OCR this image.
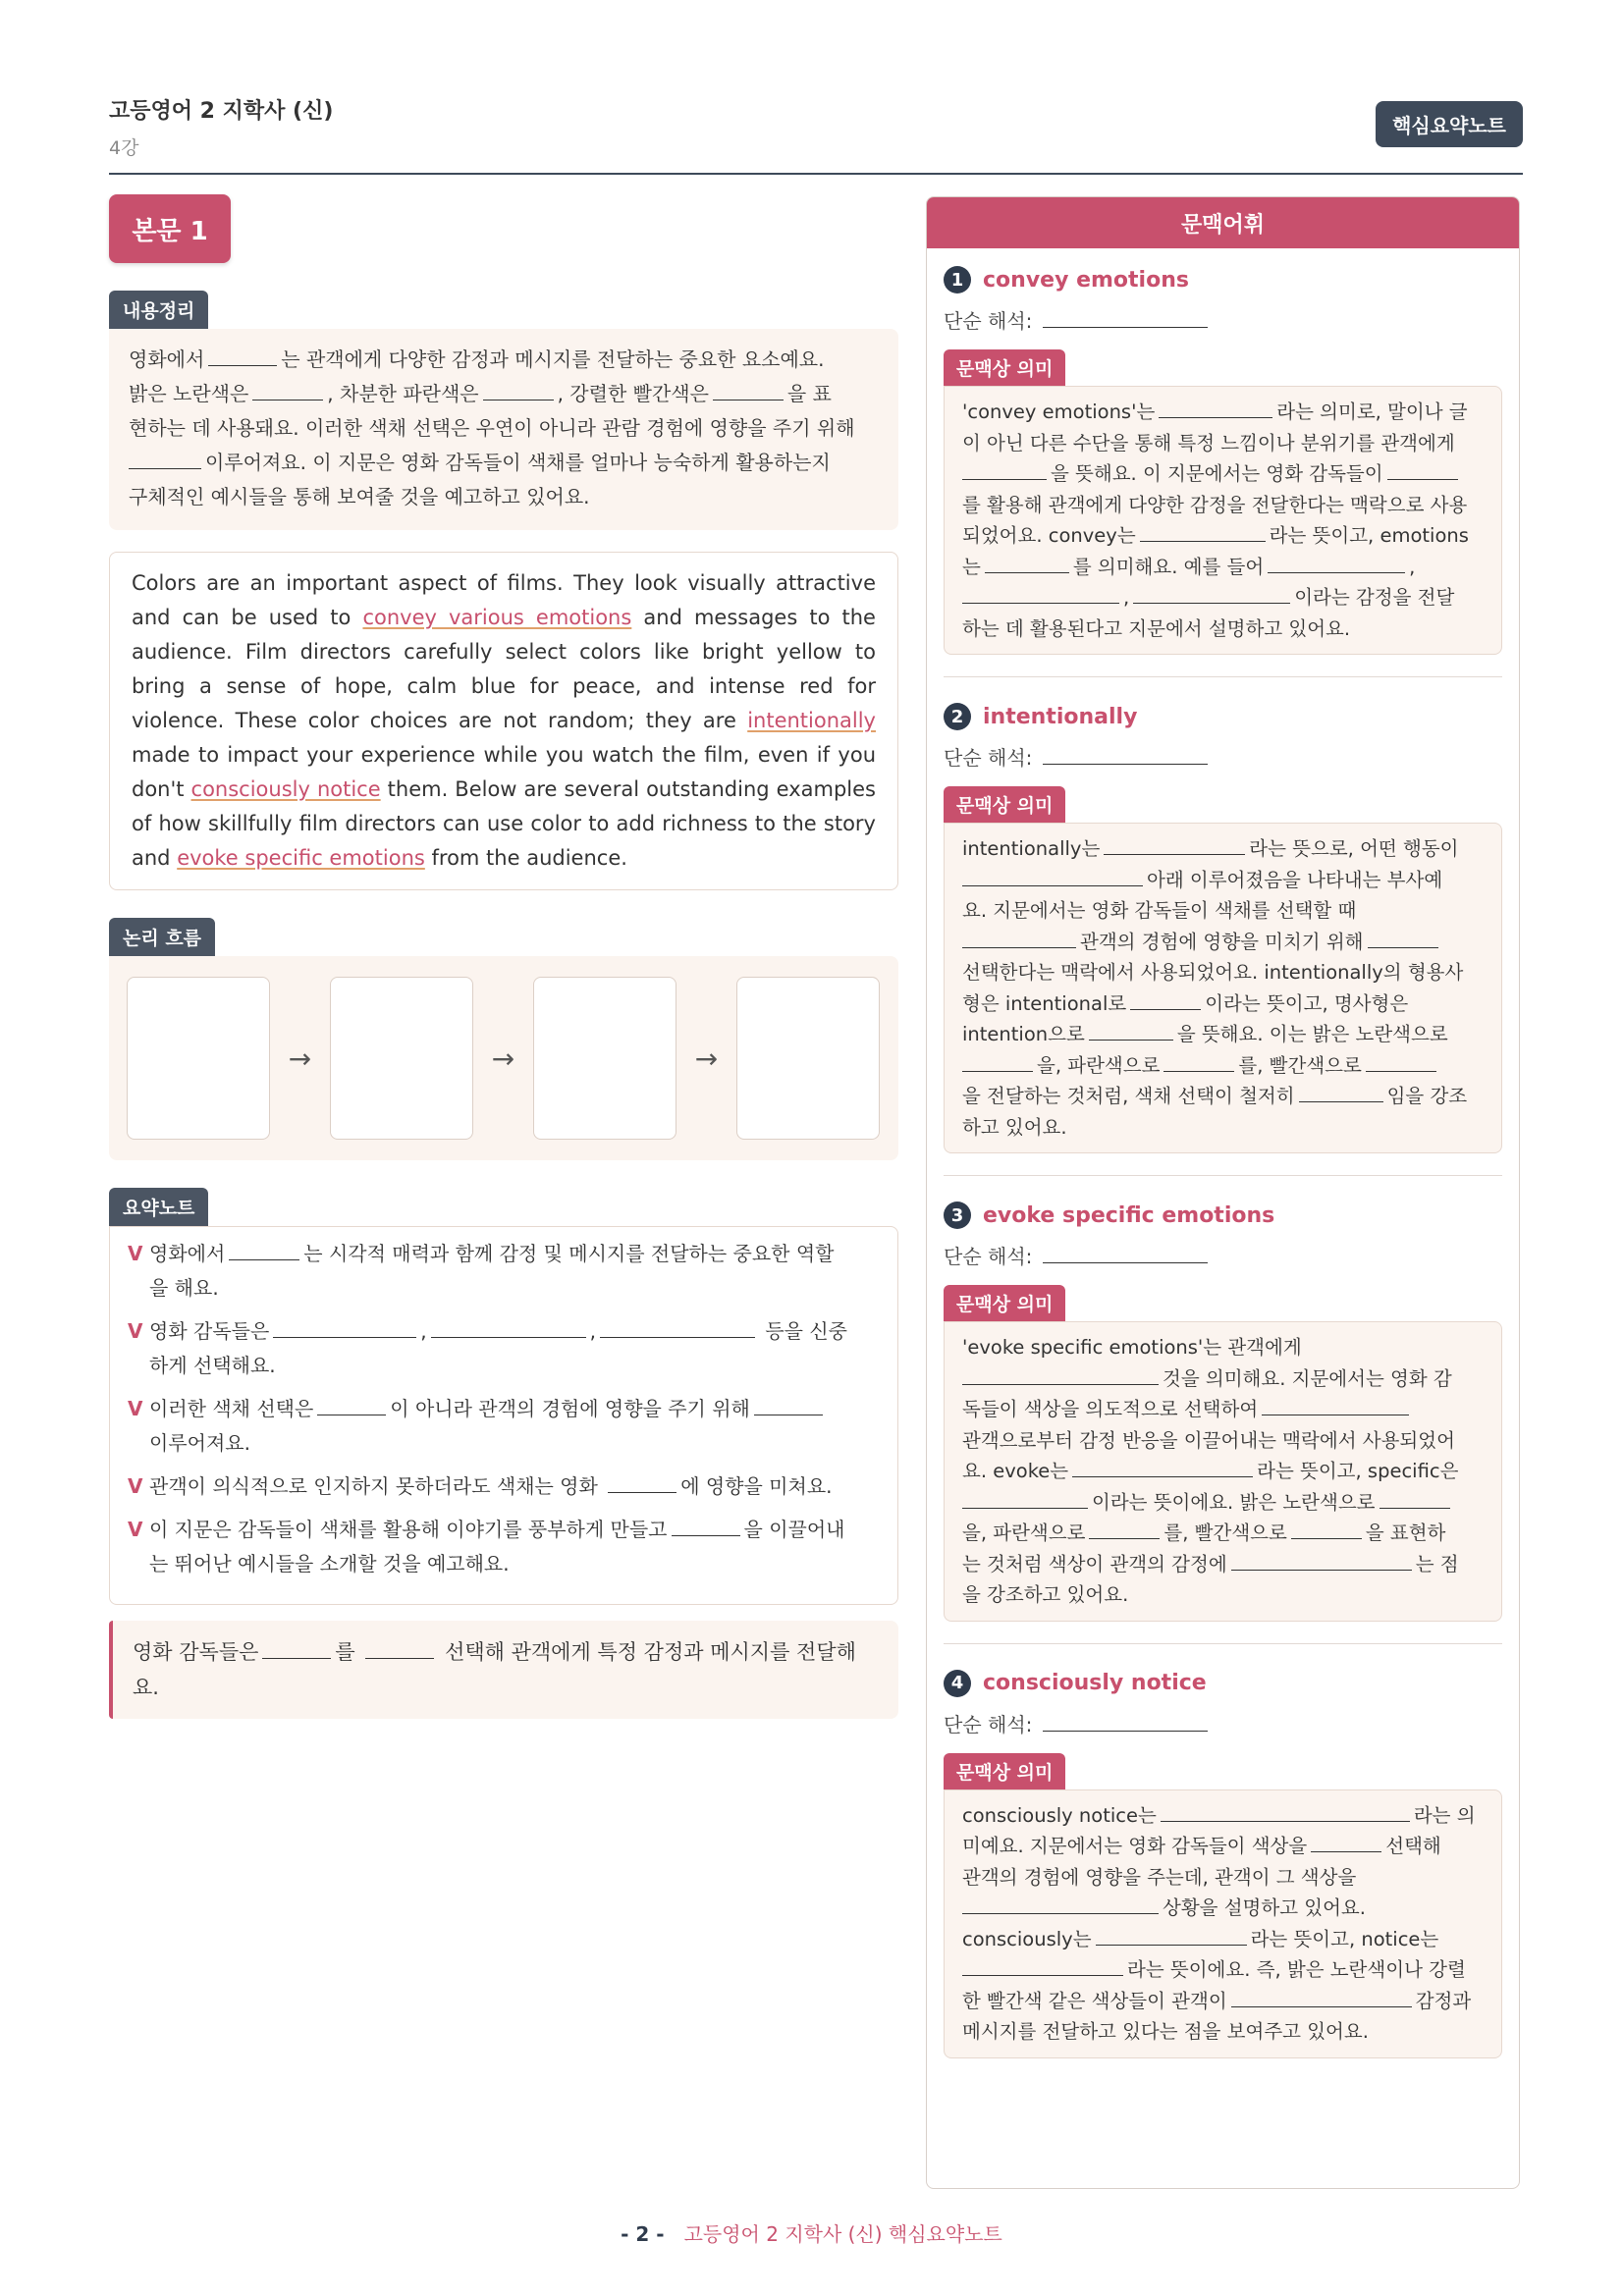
고등영어 2 지학사 (신)
4강
핵심요약노트
본문 1
내용정리
영화에서	는 관객에게 다양한 감정과 메시지를 전달하는 중요한 요소예요.
밝은 노란색은	, 차분한 파란색은	, 강렬한 빨간색은	을 표
현하는 데 사용돼요. 이러한 색채 선택은 우연이 아니라 관람 경험에 영향을 주기 위해
이루어져요. 이 지문은 영화 감독들이 색채를 얼마나 능숙하게 활용하는지
구체적인 예시들을 통해 보여줄 것을 예고하고 있어요.
Colors are an important aspect of films. They look visually attractive and can be used to convey various emotions and messages to the audience. Film directors carefully select colors like bright yellow to bring a sense of hope, calm blue for peace, and intense red for violence. These color choices are not random; they are intentionally made to impact your experience while you watch the film, even if you don't consciously notice them. Below are several outstanding examples of how skillfully film directors can use color to add richness to the story and evoke specific emotions from the audience.
논리 흐름
→	→	→
요약노트
V 영화에서	는 시각적 매력과 함께 감정 및 메시지를 전달하는 중요한 역할
을 해요.
V 영화 감독들은	,	,	등을 신중
하게 선택해요.
V 이러한 색채 선택은	이 아니라 관객의 경험에 영향을 주기 위해
이루어져요.
V 관객이 의식적으로 인지하지 못하더라도 색채는 영화	에 영향을 미쳐요.
V 이 지문은 감독들이 색채를 활용해 이야기를 풍부하게 만들고	을 이끌어내
는 뛰어난 예시들을 소개할 것을 예고해요.
영화 감독들은	를	선택해 관객에게 특정 감정과 메시지를 전달해
요.
문맥어휘
1 convey emotions
단순 해석:
문맥상 의미
'convey emotions'는	라는 의미로, 말이나 글
이 아닌 다른 수단을 통해 특정 느낌이나 분위기를 관객에게
을 뜻해요. 이 지문에서는 영화 감독들이
를 활용해 관객에게 다양한 감정을 전달한다는 맥락으로 사용
되었어요. convey는	라는 뜻이고, emotions
는	를 의미해요. 예를 들어	,
,	이라는 감정을 전달
하는 데 활용된다고 지문에서 설명하고 있어요.
2 intentionally
단순 해석:
문맥상 의미
intentionally는	라는 뜻으로, 어떤 행동이
아래 이루어졌음을 나타내는 부사예
요. 지문에서는 영화 감독들이 색채를 선택할 때
관객의 경험에 영향을 미치기 위해
선택한다는 맥락에서 사용되었어요. intentionally의 형용사
형은 intentional로	이라는 뜻이고, 명사형은
intention으로	을 뜻해요. 이는 밝은 노란색으로
을, 파란색으로	를, 빨간색으로
을 전달하는 것처럼, 색채 선택이 철저히	임을 강조
하고 있어요.
3 evoke specific emotions
단순 해석:
문맥상 의미
'evoke specific emotions'는 관객에게
것을 의미해요. 지문에서는 영화 감
독들이 색상을 의도적으로 선택하여
관객으로부터 감정 반응을 이끌어내는 맥락에서 사용되었어
요. evoke는	라는 뜻이고, specific은
이라는 뜻이에요. 밝은 노란색으로
을, 파란색으로	를, 빨간색으로	을 표현하
는 것처럼 색상이 관객의 감정에	는 점
을 강조하고 있어요.
4 consciously notice
단순 해석:
문맥상 의미
consciously notice는	라는 의
미예요. 지문에서는 영화 감독들이 색상을	선택해
관객의 경험에 영향을 주는데, 관객이 그 색상을
상황을 설명하고 있어요.
consciously는	라는 뜻이고, notice는
라는 뜻이에요. 즉, 밝은 노란색이나 강렬
한 빨간색 같은 색상들이 관객이	감정과
메시지를 전달하고 있다는 점을 보여주고 있어요.
- 2 - 고등영어 2 지학사 (신) 핵심요약노트
